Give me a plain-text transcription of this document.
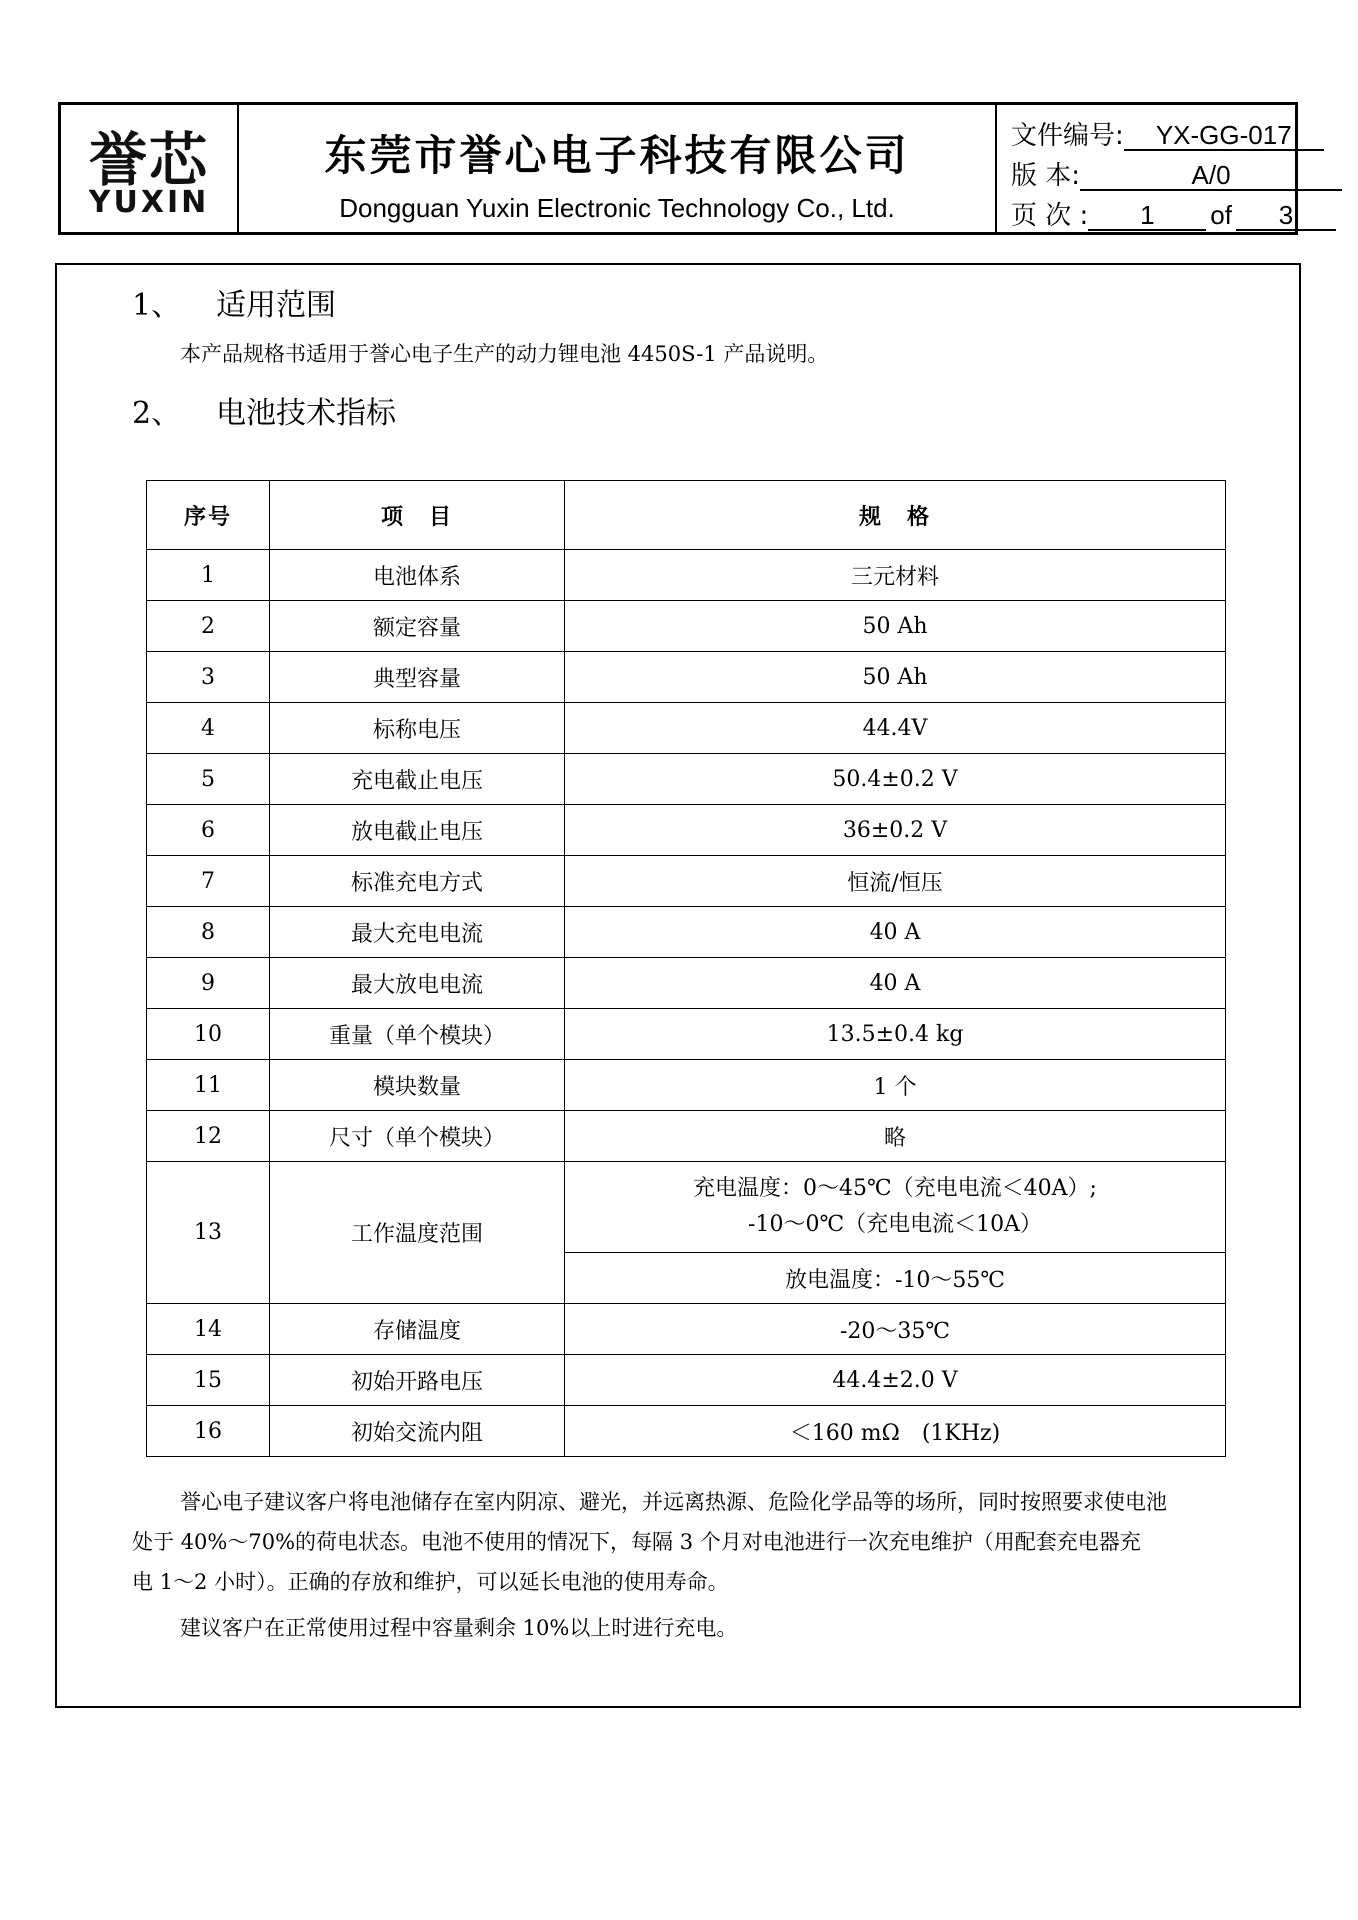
誉芯
YUXIN
东莞市誉心电子科技有限公司
Dongguan Yuxin Electronic Technology Co., Ltd.
文件编号: YX-GG-017
版 本:	A/0
页 次 : 1 of 3
1、 适用范围
本产品规格书适用于誉心电子生产的动力锂电池 4450S-1 产品说明。
2、 电池技术指标
序号	项　目	规　格
1	电池体系	三元材料
2	额定容量	50 Ah
3	典型容量	50 Ah
4	标称电压	44.4V
5	充电截止电压	50.4±0.2 V
6	放电截止电压	36±0.2 V
7	标准充电方式	恒流/恒压
8	最大充电电流	40 A
9	最大放电电流	40 A
10	重量（单个模块）	13.5±0.4 kg
11	模块数量	1 个
12	尺寸（单个模块）	略
13	工作温度范围	充电温度：0～45℃（充电电流＜40A）;
-10～0℃（充电电流＜10A）

		放电温度：-10～55℃
14	存储温度	-20～35℃
15	初始开路电压	44.4±2.0 V
16	初始交流内阻	＜160 mΩ　(1KHz)
誉心电子建议客户将电池储存在室内阴凉、避光，并远离热源、危险化学品等的场所，同时按照要求使电池
处于 40%～70%的荷电状态。电池不使用的情况下，每隔 3 个月对电池进行一次充电维护（用配套充电器充
电 1～2 小时）。正确的存放和维护，可以延长电池的使用寿命。
建议客户在正常使用过程中容量剩余 10%以上时进行充电。
